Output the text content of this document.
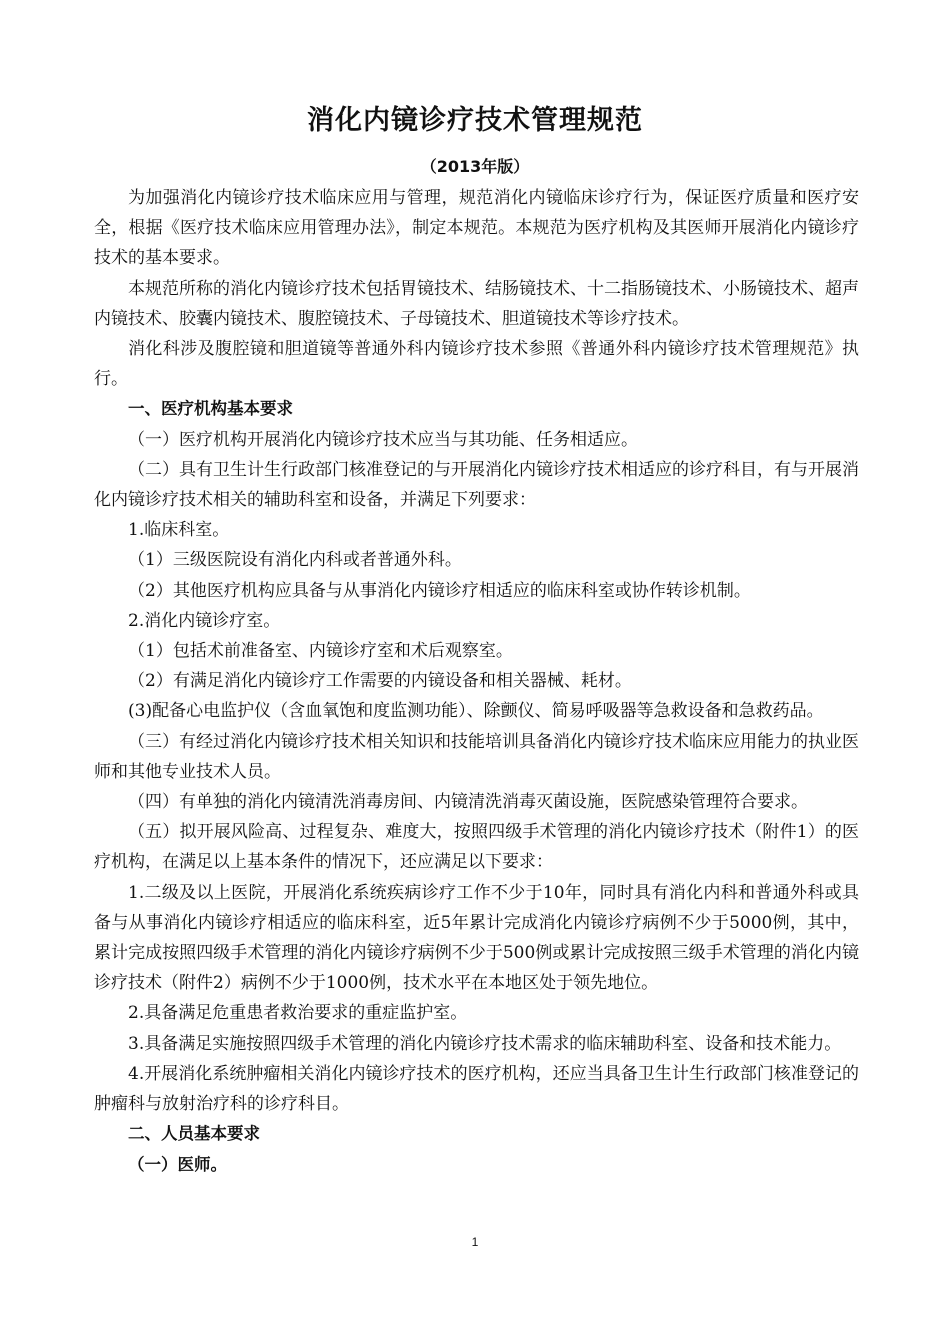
消化内镜诊疗技术管理规范
（2013年版）

为加强消化内镜诊疗技术临床应用与管理，规范消化内镜临床诊疗行为，保证医疗质量和医疗安全，根据《医疗技术临床应用管理办法》，制定本规范。本规范为医疗机构及其医师开展消化内镜诊疗技术的基本要求。

本规范所称的消化内镜诊疗技术包括胃镜技术、结肠镜技术、十二指肠镜技术、小肠镜技术、超声内镜技术、胶囊内镜技术、腹腔镜技术、子母镜技术、胆道镜技术等诊疗技术。

消化科涉及腹腔镜和胆道镜等普通外科内镜诊疗技术参照《普通外科内镜诊疗技术管理规范》执行。

一、医疗机构基本要求

（一）医疗机构开展消化内镜诊疗技术应当与其功能、任务相适应。

（二）具有卫生计生行政部门核准登记的与开展消化内镜诊疗技术相适应的诊疗科目，有与开展消化内镜诊疗技术相关的辅助科室和设备，并满足下列要求：

1.临床科室。

（1）三级医院设有消化内科或者普通外科。

（2）其他医疗机构应具备与从事消化内镜诊疗相适应的临床科室或协作转诊机制。

2.消化内镜诊疗室。

（1）包括术前准备室、内镜诊疗室和术后观察室。

（2）有满足消化内镜诊疗工作需要的内镜设备和相关器械、耗材。

(3)配备心电监护仪（含血氧饱和度监测功能）、除颤仪、简易呼吸器等急救设备和急救药品。

（三）有经过消化内镜诊疗技术相关知识和技能培训具备消化内镜诊疗技术临床应用能力的执业医师和其他专业技术人员。

（四）有单独的消化内镜清洗消毒房间、内镜清洗消毒灭菌设施，医院感染管理符合要求。

（五）拟开展风险高、过程复杂、难度大，按照四级手术管理的消化内镜诊疗技术（附件1）的医疗机构，在满足以上基本条件的情况下，还应满足以下要求：

1.二级及以上医院，开展消化系统疾病诊疗工作不少于10年，同时具有消化内科和普通外科或具备与从事消化内镜诊疗相适应的临床科室，近5年累计完成消化内镜诊疗病例不少于5000例，其中，累计完成按照四级手术管理的消化内镜诊疗病例不少于500例或累计完成按照三级手术管理的消化内镜诊疗技术（附件2）病例不少于1000例，技术水平在本地区处于领先地位。

2.具备满足危重患者救治要求的重症监护室。

3.具备满足实施按照四级手术管理的消化内镜诊疗技术需求的临床辅助科室、设备和技术能力。

4.开展消化系统肿瘤相关消化内镜诊疗技术的医疗机构，还应当具备卫生计生行政部门核准登记的肿瘤科与放射治疗科的诊疗科目。

二、人员基本要求

（一）医师。

1
